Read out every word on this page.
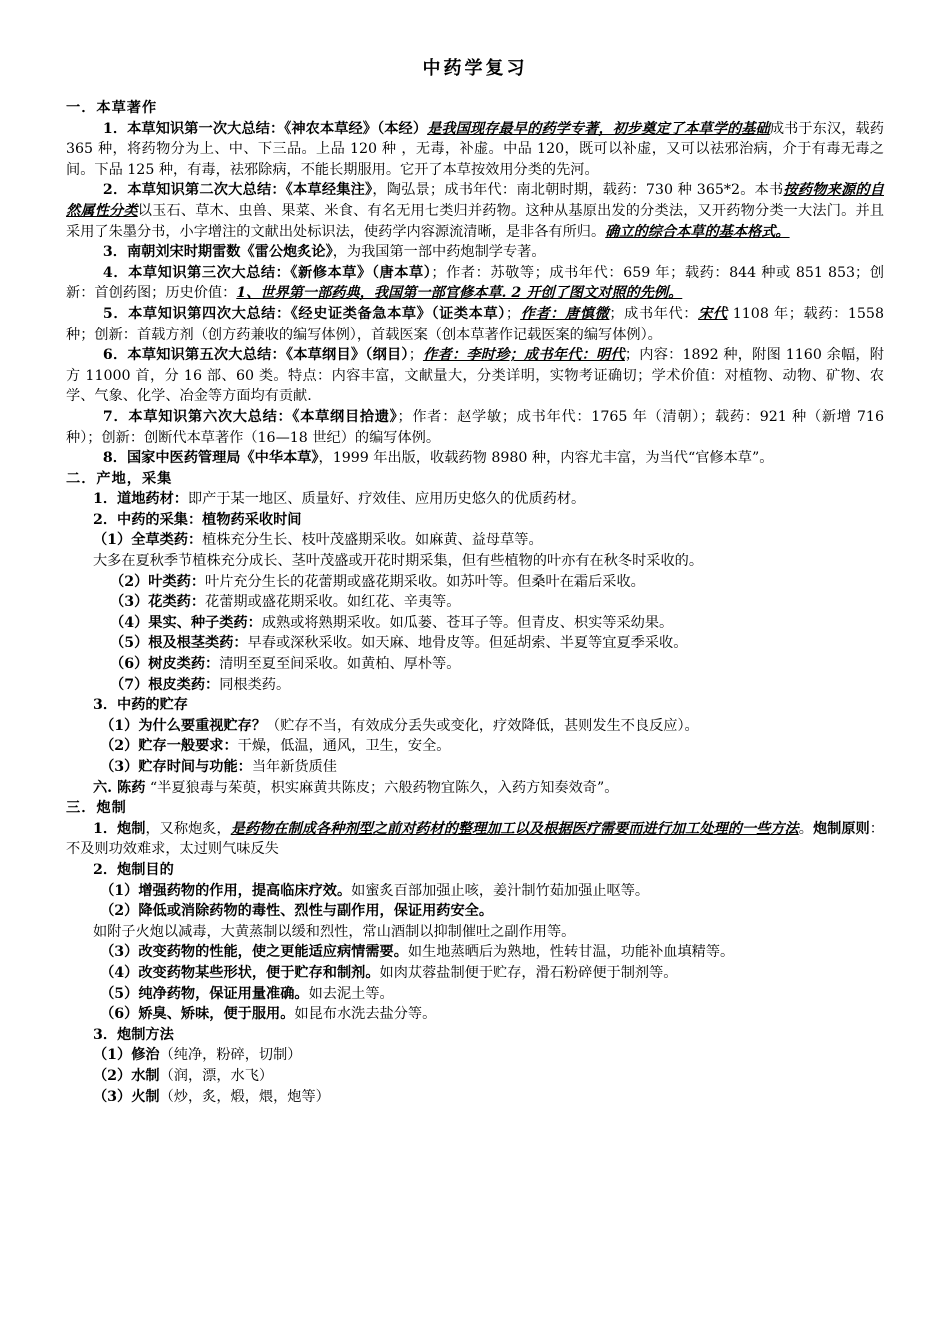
中药学复习

一．本草著作

1．本草知识第一次大总结：《神农本草经》（本经）是我国现存最早的药学专著，初步奠定了本草学的基础成书于东汉，载药 365 种，将药物分为上、中、下三品。上品 120 种 ，无毒，补虚。中品 120，既可以补虚，又可以祛邪治病，介于有毒无毒之间。下品 125 种，有毒，祛邪除病，不能长期服用。它开了本草按效用分类的先河。

2．本草知识第二次大总结：《本草经集注》，陶弘景；成书年代：南北朝时期，载药：730 种 365*2。本书按药物来源的自然属性分类以玉石、草木、虫兽、果菜、米食、有名无用七类归并药物。这种从基原出发的分类法，又开药物分类一大法门。并且采用了朱墨分书，小字增注的文献出处标识法，使药学内容源流清晰，是非各有所归。确立的综合本草的基本格式。

3．南朝刘宋时期雷数《雷公炮炙论》，为我国第一部中药炮制学专著。

4．本草知识第三次大总结：《新修本草》（唐本草）；作者：苏敬等；成书年代：659 年；载药：844 种或 851 853；创新：首创药图；历史价值：1、世界第一部药典，我国第一部官修本草. 2 开创了图文对照的先例。

5．本草知识第四次大总结：《经史证类备急本草》（证类本草）；作者：唐慎微；成书年代：宋代 1108 年；载药：1558 种；创新：首载方剂（创方药兼收的编写体例），首载医案（创本草著作记载医案的编写体例）。

6．本草知识第五次大总结：《本草纲目》（纲目）；作者：李时珍；成书年代：明代；内容：1892 种，附图 1160 余幅，附方 11000 首，分 16 部、60 类。特点：内容丰富，文献量大，分类详明，实物考证确切；学术价值：对植物、动物、矿物、农学、气象、化学、冶金等方面均有贡献.

7．本草知识第六次大总结：《本草纲目拾遗》；作者：赵学敏；成书年代：1765 年（清朝）；载药：921 种（新增 716 种）；创新：创断代本草著作（16—18 世纪）的编写体例。

8．国家中医药管理局《中华本草》，1999 年出版，收载药物 8980 种，内容尤丰富，为当代“官修本草”。

二．产地，采集

1．道地药材：即产于某一地区、质量好、疗效佳、应用历史悠久的优质药材。

2．中药的采集：植物药采收时间

（1）全草类药：植株充分生长、枝叶茂盛期采收。如麻黄、益母草等。

大多在夏秋季节植株充分成长、茎叶茂盛或开花时期采集，但有些植物的叶亦有在秋冬时采收的。

（2）叶类药：叶片充分生长的花蕾期或盛花期采收。如苏叶等。但桑叶在霜后采收。

（3）花类药：花蕾期或盛花期采收。如红花、辛夷等。

（4）果实、种子类药：成熟或将熟期采收。如瓜蒌、苍耳子等。但青皮、枳实等采幼果。

（5）根及根茎类药：早春或深秋采收。如天麻、地骨皮等。但延胡索、半夏等宜夏季采收。

（6）树皮类药：清明至夏至间采收。如黄柏、厚朴等。

（7）根皮类药：同根类药。

3．中药的贮存

（1）为什么要重视贮存？（贮存不当，有效成分丢失或变化，疗效降低，甚则发生不良反应）。

（2）贮存一般要求：干燥，低温，通风，卫生，安全。

（3）贮存时间与功能：当年新货质佳

六. 陈药 “半夏狼毒与茱萸，枳实麻黄共陈皮；六般药物宜陈久，入药方知奏效奇”。

三．炮制

1．炮制，又称炮炙，是药物在制成各种剂型之前对药材的整理加工以及根据医疗需要而进行加工处理的一些方法。炮制原则：不及则功效难求，太过则气味反失

2．炮制目的

（1）增强药物的作用，提高临床疗效。如蜜炙百部加强止咳，姜汁制竹茹加强止呕等。

（2）降低或消除药物的毒性、烈性与副作用，保证用药安全。

如附子火炮以减毒，大黄蒸制以缓和烈性，常山酒制以抑制催吐之副作用等。

（3）改变药物的性能，使之更能适应病情需要。如生地蒸晒后为熟地，性转甘温，功能补血填精等。

（4）改变药物某些形状，便于贮存和制剂。如肉苁蓉盐制便于贮存，滑石粉碎便于制剂等。

（5）纯净药物，保证用量准确。如去泥土等。

（6）矫臭、矫味，便于服用。如昆布水洗去盐分等。

3．炮制方法

（1）修治（纯净，粉碎，切制）

（2）水制（润，漂，水飞）

（3）火制（炒，炙，煅，煨，炮等）
